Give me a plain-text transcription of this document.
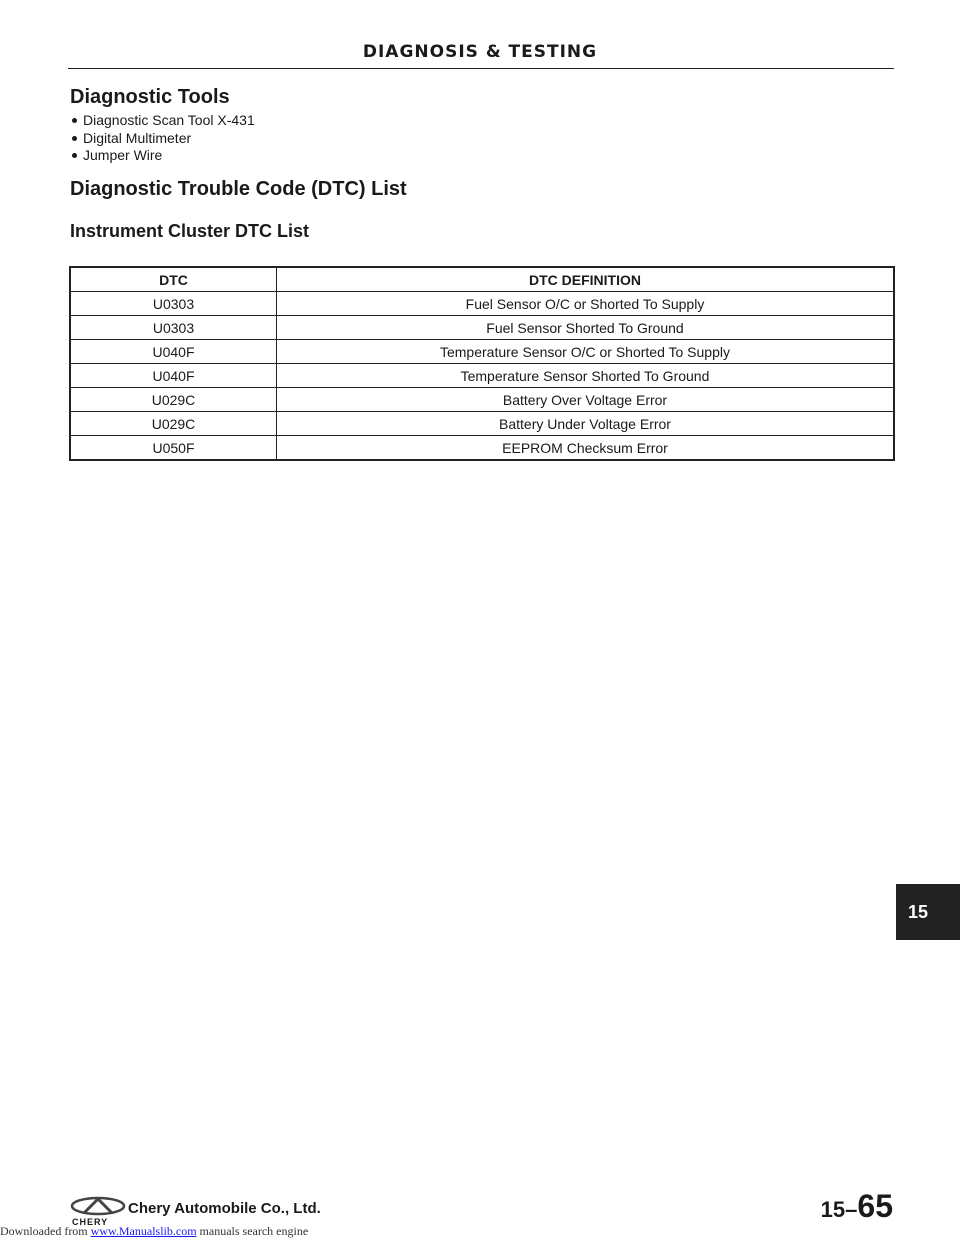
DIAGNOSIS & TESTING
Diagnostic Tools
Diagnostic Scan Tool X-431
Digital Multimeter
Jumper Wire
Diagnostic Trouble Code (DTC) List
Instrument Cluster DTC List
DTC	DTC DEFINITION
U0303	Fuel Sensor O/C or Shorted To Supply
U0303	Fuel Sensor Shorted To Ground
U040F	Temperature Sensor O/C or Shorted To Supply
U040F	Temperature Sensor Shorted To Ground
U029C	Battery Over Voltage Error
U029C	Battery Under Voltage Error
U050F	EEPROM Checksum Error
15
CHERY
Chery Automobile Co., Ltd.	15 – 65
Downloaded from www.Manualslib.com manuals search engine
